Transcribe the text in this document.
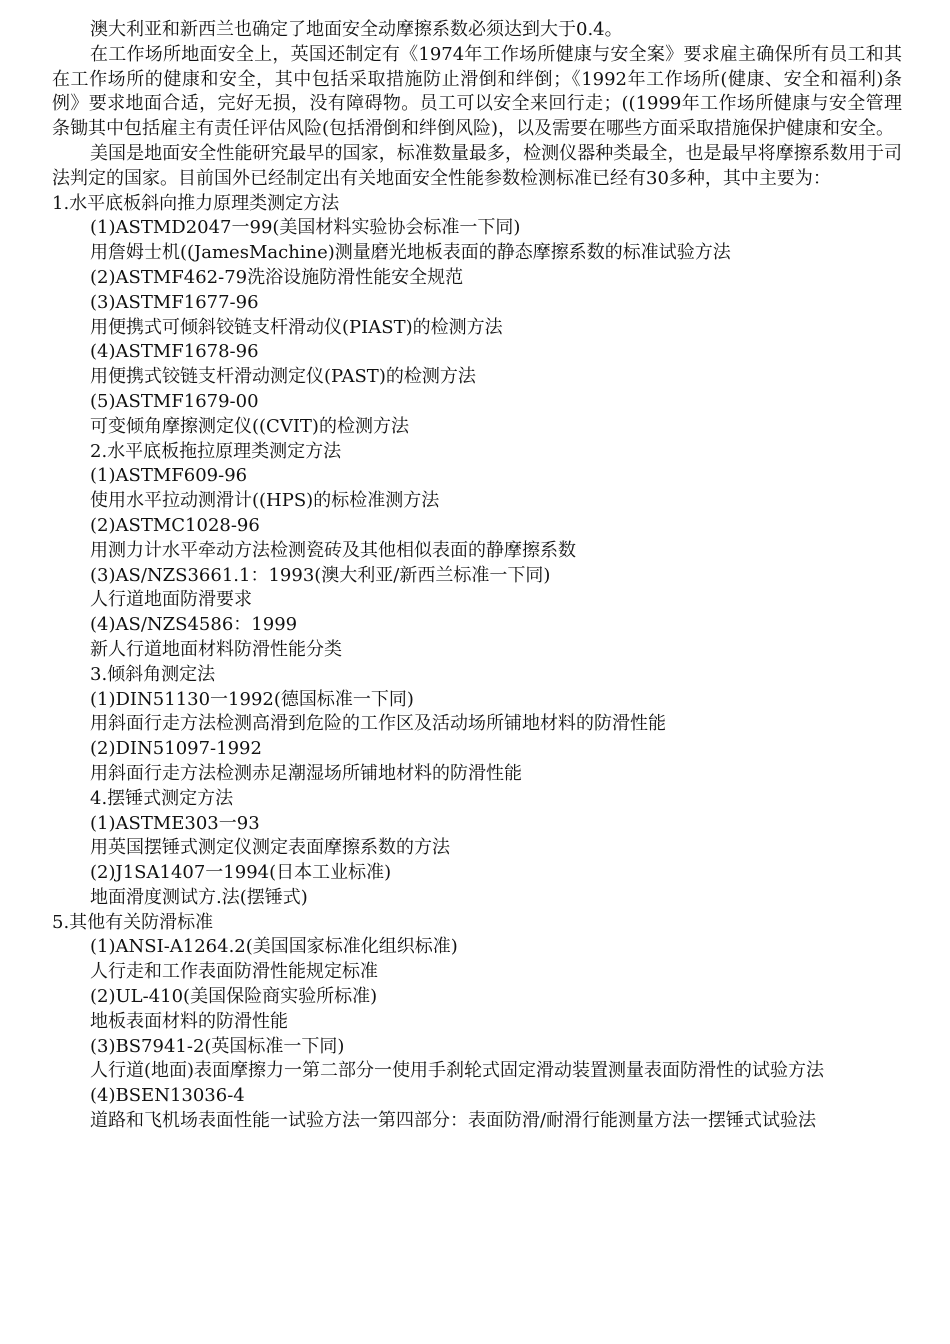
澳大利亚和新西兰也确定了地面安全动摩擦系数必须达到大于0.4。
在工作场所地面安全上，英国还制定有《1974年工作场所健康与安全案》要求雇主确保所有员工和其在工作场所的健康和安全，其中包括采取措施防止滑倒和绊倒；《1992年工作场所(健康、安全和福利)条例》要求地面合适，完好无损，没有障碍物。员工可以安全来回行走；((1999年工作场所健康与安全管理条锄其中包括雇主有责任评估风险(包括滑倒和绊倒风险)，以及需要在哪些方面采取措施保护健康和安全。
美国是地面安全性能研究最早的国家，标准数量最多，检测仪器种类最全，也是最早将摩擦系数用于司法判定的国家。目前国外已经制定出有关地面安全性能参数检测标准已经有30多种，其中主要为：
1.水平底板斜向推力原理类测定方法
(1)ASTMD2047一99(美国材料实验协会标准一下同)
用詹姆士机((JamesMachine)测量磨光地板表面的静态摩擦系数的标准试验方法
(2)ASTMF462-79洗浴设施防滑性能安全规范
(3)ASTMF1677-96
用便携式可倾斜铰链支杆滑动仪(PIAST)的检测方法
(4)ASTMF1678-96
用便携式铰链支杆滑动测定仪(PAST)的检测方法
(5)ASTMF1679-00
可变倾角摩擦测定仪((CVIT)的检测方法
2.水平底板拖拉原理类测定方法
(1)ASTMF609-96
使用水平拉动测滑计((HPS)的标检准测方法
(2)ASTMC1028-96
用测力计水平牵动方法检测瓷砖及其他相似表面的静摩擦系数
(3)AS/NZS3661.1：1993(澳大利亚/新西兰标准一下同)
人行道地面防滑要求
(4)AS/NZS4586：1999
新人行道地面材料防滑性能分类
3.倾斜角测定法
(1)DIN51130一1992(德国标准一下同)
用斜面行走方法检测高滑到危险的工作区及活动场所铺地材料的防滑性能
(2)DIN51097-1992
用斜面行走方法检测赤足潮湿场所铺地材料的防滑性能
4.摆锤式测定方法
(1)ASTME303一93
用英国摆锤式测定仪测定表面摩擦系数的方法
(2)J1SA1407一1994(日本工业标准)
地面滑度测试方.法(摆锤式)
5.其他有关防滑标准
(1)ANSI-A1264.2(美国国家标准化组织标准)
人行走和工作表面防滑性能规定标准
(2)UL-410(美国保险商实验所标准)
地板表面材料的防滑性能
(3)BS7941-2(英国标准一下同)
人行道(地面)表面摩擦力一第二部分一使用手刹轮式固定滑动装置测量表面防滑性的试验方法
(4)BSEN13036-4
道路和飞机场表面性能一试验方法一第四部分：表面防滑/耐滑行能测量方法一摆锤式试验法
